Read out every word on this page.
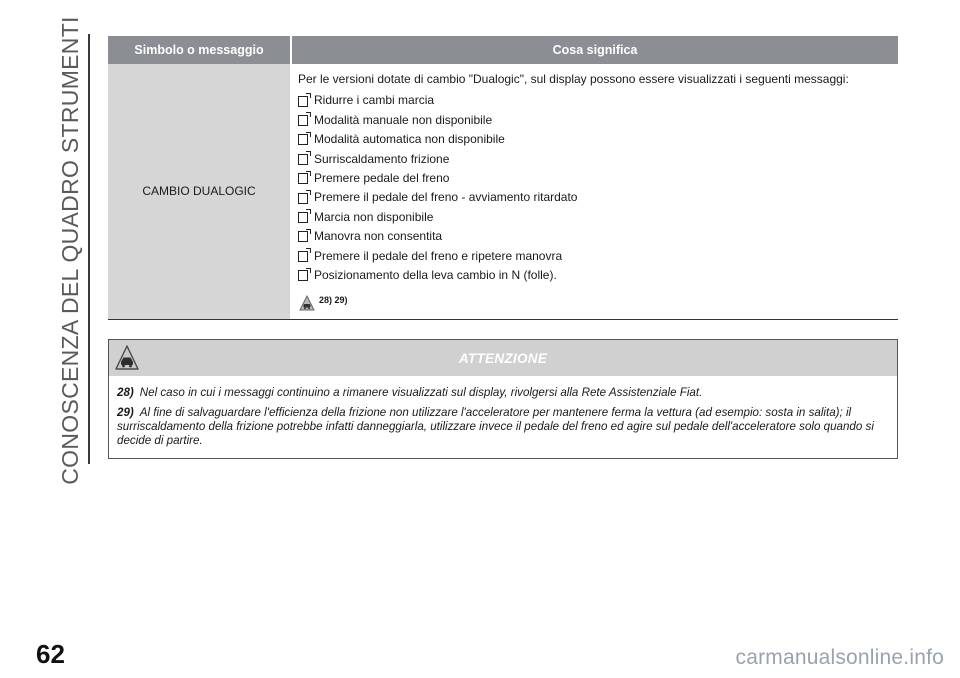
CONOSCENZA DEL QUADRO STRUMENTI	Simbolo o messaggio	Cosa significa
CAMBIO DUALOGIC

Per le versioni dotate di cambio "Dualogic", sul display possono essere visualizzati i seguenti messaggi:

Ridurre i cambi marcia
Modalità manuale non disponibile
Modalità automatica non disponibile
Surriscaldamento frizione
Premere pedale del freno
Premere il pedale del freno - avviamento ritardato
Marcia non disponibile
Manovra non consentita
Premere il pedale del freno e ripetere manovra
Posizionamento della leva cambio in N (folle).
28) 29)
ATTENZIONE

28) Nel caso in cui i messaggi continuino a rimanere visualizzati sul display, rivolgersi alla Rete Assistenziale Fiat.

29) Al fine di salvaguardare l'efficienza della frizione non utilizzare l'acceleratore per mantenere ferma la vettura (ad esempio: sosta in salita); il surriscaldamento della frizione potrebbe infatti danneggiarla, utilizzare invece il pedale del freno ed agire sul pedale dell'acceleratore solo quando si decide di partire.

62	carmanualsonline.info
